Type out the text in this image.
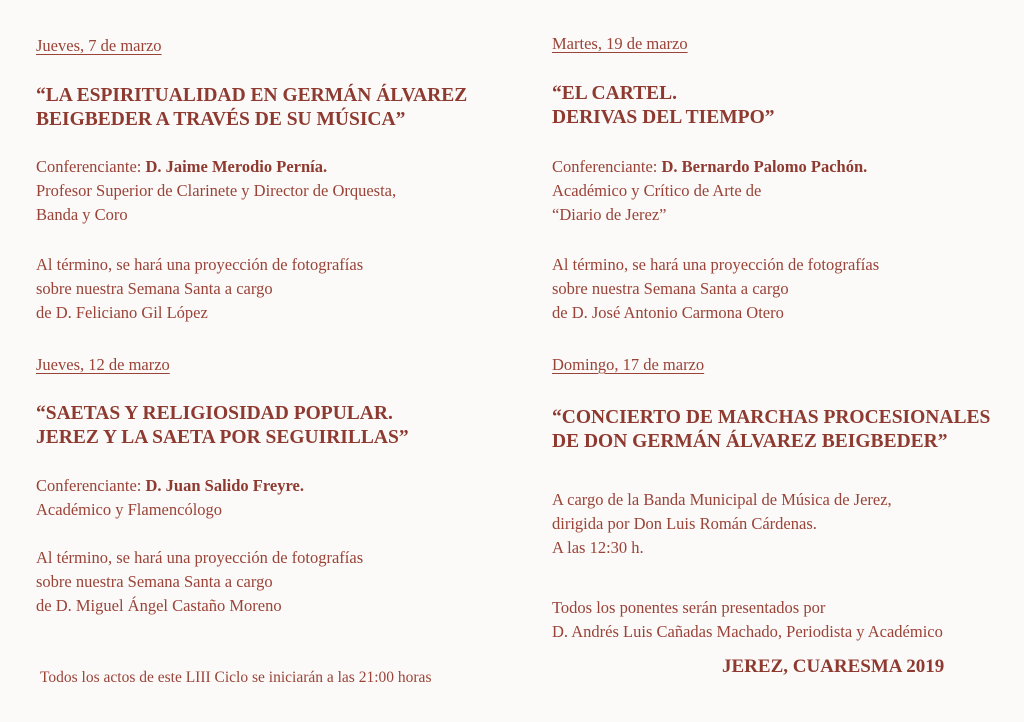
Jueves, 7 de marzo
“LA ESPIRITUALIDAD EN GERMÁN ÁLVAREZ
BEIGBEDER A TRAVÉS DE SU MÚSICA”
Conferenciante: D. Jaime Merodio Pernía.
Profesor Superior de Clarinete y Director de Orquesta,
Banda y Coro
Al término, se hará una proyección de fotografías
sobre nuestra Semana Santa a cargo
de D. Feliciano Gil López
Jueves, 12 de marzo
“SAETAS Y RELIGIOSIDAD POPULAR.
JEREZ Y LA SAETA POR SEGUIRILLAS”
Conferenciante: D. Juan Salido Freyre.
Académico y Flamencólogo
Al término, se hará una proyección de fotografías
sobre nuestra Semana Santa a cargo
de D. Miguel Ángel Castaño Moreno
Martes, 19 de marzo
“EL CARTEL.
DERIVAS DEL TIEMPO”
Conferenciante: D. Bernardo Palomo Pachón.
Académico y Crítico de Arte de
“Diario de Jerez”
Al término, se hará una proyección de fotografías
sobre nuestra Semana Santa a cargo
de D. José Antonio Carmona Otero
Domingo, 17 de marzo
“CONCIERTO DE MARCHAS PROCESIONALES
DE DON GERMÁN ÁLVAREZ BEIGBEDER”
A cargo de la Banda Municipal de Música de Jerez,
dirigida por Don Luis Román Cárdenas.
A las 12:30 h.
Todos los ponentes serán presentados por
D. Andrés Luis Cañadas Machado, Periodista y Académico
Todos los actos de este LIII Ciclo se iniciarán a las 21:00 horas
JEREZ, CUARESMA 2019
